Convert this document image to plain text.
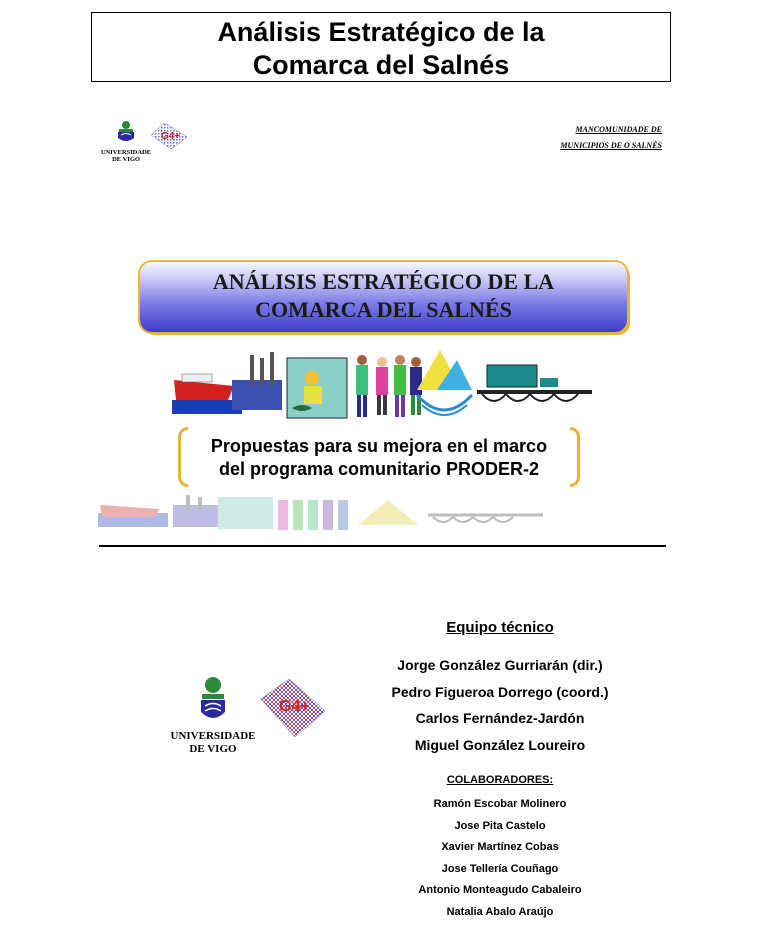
Análisis Estratégico de la
Comarca del Salnés
UNIVERSIDADE DE VIGO
G4+
MANCOMUNIDADE DE
MUNICIPIOS DE O SALNÉS
ANÁLISIS ESTRATÉGICO DE LA
COMARCA DEL SALNÉS
Propuestas para su mejora en el marco
del programa comunitario PRODER-2
UNIVERSIDADE
DE VIGO
G4+
Equipo técnico
Jorge González Gurriarán (dir.)
Pedro Figueroa Dorrego (coord.)
Carlos Fernández-Jardón
Miguel González Loureiro
COLABORADORES:
Ramón Escobar Molinero
Jose Pita Castelo
Xavier Martínez Cobas
Jose Tellería Couñago
Antonio Monteagudo Cabaleiro
Natalia Abalo Araújo
